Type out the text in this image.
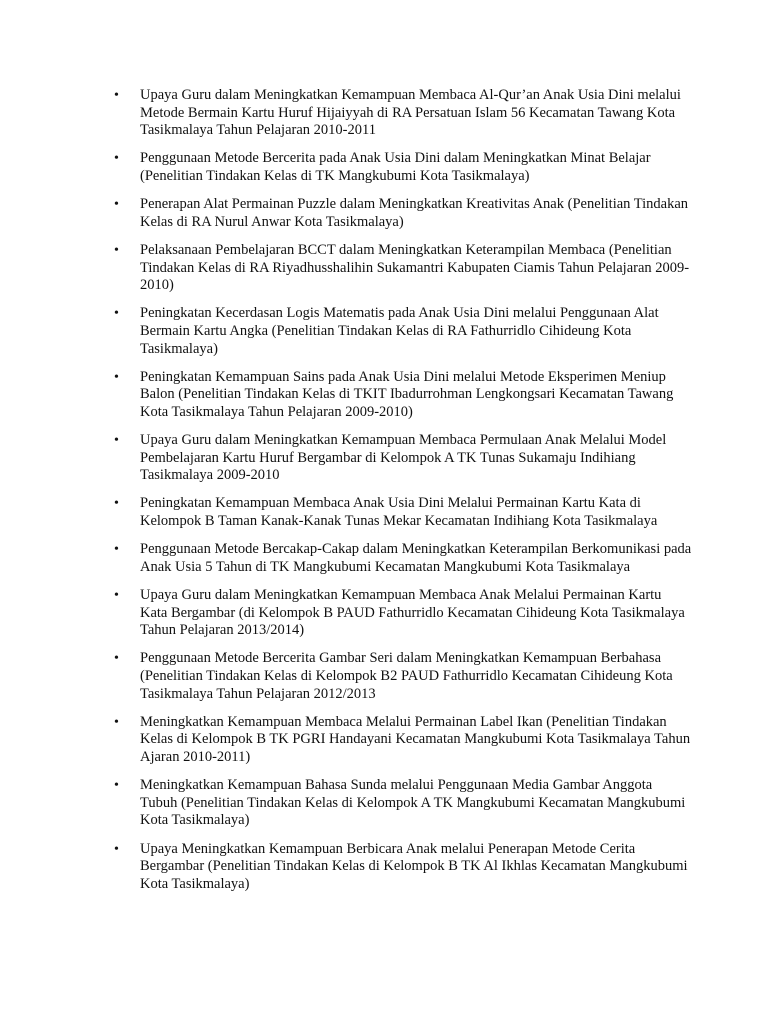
• Upaya Guru dalam Meningkatkan Kemampuan Membaca Al-Qur’an Anak Usia Dini melalui Metode Bermain Kartu Huruf Hijaiyyah di RA Persatuan Islam 56 Kecamatan Tawang Kota Tasikmalaya Tahun Pelajaran 2010-2011
• Penggunaan Metode Bercerita pada Anak Usia Dini dalam Meningkatkan Minat Belajar (Penelitian Tindakan Kelas di TK Mangkubumi Kota Tasikmalaya)
• Penerapan Alat Permainan Puzzle dalam Meningkatkan Kreativitas Anak (Penelitian Tindakan Kelas di RA Nurul Anwar Kota Tasikmalaya)
• Pelaksanaan Pembelajaran BCCT dalam Meningkatkan Keterampilan Membaca (Penelitian Tindakan Kelas di RA Riyadhusshalihin Sukamantri Kabupaten Ciamis Tahun Pelajaran 2009-2010)
• Peningkatan Kecerdasan Logis Matematis pada Anak Usia Dini melalui Penggunaan Alat Bermain Kartu Angka (Penelitian Tindakan Kelas di RA Fathurridlo Cihideung Kota Tasikmalaya)
• Peningkatan Kemampuan Sains pada Anak Usia Dini melalui Metode Eksperimen Meniup Balon (Penelitian Tindakan Kelas di TKIT Ibadurrohman Lengkongsari Kecamatan Tawang Kota Tasikmalaya Tahun Pelajaran 2009-2010)
• Upaya Guru dalam Meningkatkan Kemampuan Membaca Permulaan Anak Melalui Model Pembelajaran Kartu Huruf Bergambar di Kelompok A TK Tunas Sukamaju Indihiang Tasikmalaya 2009-2010
• Peningkatan Kemampuan Membaca Anak Usia Dini Melalui Permainan Kartu Kata di Kelompok B Taman Kanak-Kanak Tunas Mekar Kecamatan Indihiang Kota Tasikmalaya
• Penggunaan Metode Bercakap-Cakap dalam Meningkatkan Keterampilan Berkomunikasi pada Anak Usia 5 Tahun di TK Mangkubumi Kecamatan Mangkubumi Kota Tasikmalaya
• Upaya Guru dalam Meningkatkan Kemampuan Membaca Anak Melalui Permainan Kartu Kata Bergambar (di Kelompok B PAUD Fathurridlo Kecamatan Cihideung Kota Tasikmalaya Tahun Pelajaran 2013/2014)
• Penggunaan Metode Bercerita Gambar Seri dalam Meningkatkan Kemampuan Berbahasa (Penelitian Tindakan Kelas di Kelompok B2 PAUD Fathurridlo Kecamatan Cihideung Kota Tasikmalaya Tahun Pelajaran 2012/2013
• Meningkatkan Kemampuan Membaca Melalui Permainan Label Ikan (Penelitian Tindakan Kelas di Kelompok B TK PGRI Handayani Kecamatan Mangkubumi Kota Tasikmalaya Tahun Ajaran 2010-2011)
• Meningkatkan Kemampuan Bahasa Sunda melalui Penggunaan Media Gambar Anggota Tubuh (Penelitian Tindakan Kelas di Kelompok A TK Mangkubumi Kecamatan Mangkubumi Kota Tasikmalaya)
• Upaya Meningkatkan Kemampuan Berbicara Anak melalui Penerapan Metode Cerita Bergambar (Penelitian Tindakan Kelas di Kelompok B TK Al Ikhlas Kecamatan Mangkubumi Kota Tasikmalaya)
